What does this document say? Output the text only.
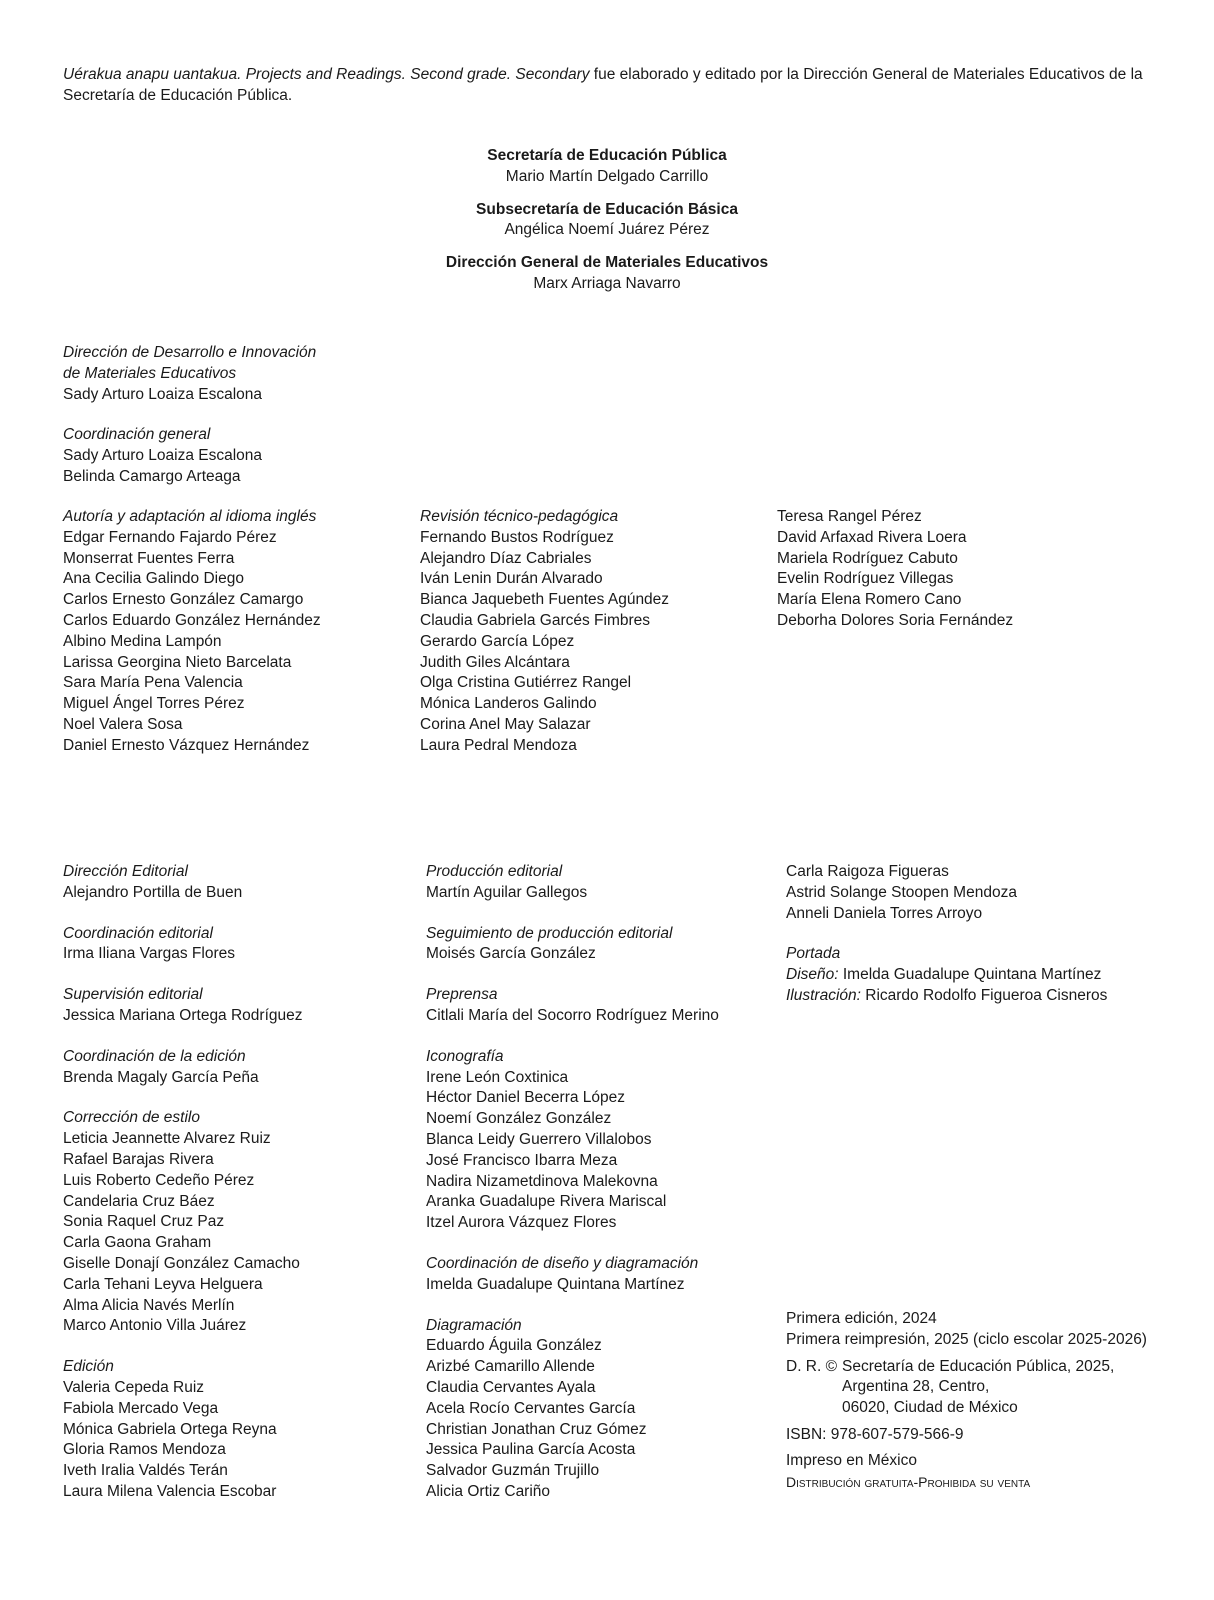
Uérakua anapu uantakua. Projects and Readings. Second grade. Secondary fue elaborado y editado por la Dirección General de Materiales Educativos de la Secretaría de Educación Pública.
Secretaría de Educación Pública
Mario Martín Delgado Carrillo
Subsecretaría de Educación Básica
Angélica Noemí Juárez Pérez
Dirección General de Materiales Educativos
Marx Arriaga Navarro
Dirección de Desarrollo e Innovación
de Materiales Educativos
Sady Arturo Loaiza Escalona
Coordinación general
Sady Arturo Loaiza Escalona
Belinda Camargo Arteaga
Autoría y adaptación al idioma inglés
Edgar Fernando Fajardo Pérez
Monserrat Fuentes Ferra
Ana Cecilia Galindo Diego
Carlos Ernesto González Camargo
Carlos Eduardo González Hernández
Albino Medina Lampón
Larissa Georgina Nieto Barcelata
Sara María Pena Valencia
Miguel Ángel Torres Pérez
Noel Valera Sosa
Daniel Ernesto Vázquez Hernández
Revisión técnico-pedagógica
Fernando Bustos Rodríguez
Alejandro Díaz Cabriales
Iván Lenin Durán Alvarado
Bianca Jaquebeth Fuentes Agúndez
Claudia Gabriela Garcés Fimbres
Gerardo García López
Judith Giles Alcántara
Olga Cristina Gutiérrez Rangel
Mónica Landeros Galindo
Corina Anel May Salazar
Laura Pedral Mendoza
Teresa Rangel Pérez
David Arfaxad Rivera Loera
Mariela Rodríguez Cabuto
Evelin Rodríguez Villegas
María Elena Romero Cano
Deborha Dolores Soria Fernández
Dirección Editorial
Alejandro Portilla de Buen
Coordinación editorial
Irma Iliana Vargas Flores
Supervisión editorial
Jessica Mariana Ortega Rodríguez
Coordinación de la edición
Brenda Magaly García Peña
Corrección de estilo
Leticia Jeannette Alvarez Ruiz
Rafael Barajas Rivera
Luis Roberto Cedeño Pérez
Candelaria Cruz Báez
Sonia Raquel Cruz Paz
Carla Gaona Graham
Giselle Donají González Camacho
Carla Tehani Leyva Helguera
Alma Alicia Navés Merlín
Marco Antonio Villa Juárez
Edición
Valeria Cepeda Ruiz
Fabiola Mercado Vega
Mónica Gabriela Ortega Reyna
Gloria Ramos Mendoza
Iveth Iralia Valdés Terán
Laura Milena Valencia Escobar
Producción editorial
Martín Aguilar Gallegos
Seguimiento de producción editorial
Moisés García González
Preprensa
Citlali María del Socorro Rodríguez Merino
Iconografía
Irene León Coxtinica
Héctor Daniel Becerra López
Noemí González González
Blanca Leidy Guerrero Villalobos
José Francisco Ibarra Meza
Nadira Nizametdinova Malekovna
Aranka Guadalupe Rivera Mariscal
Itzel Aurora Vázquez Flores
Coordinación de diseño y diagramación
Imelda Guadalupe Quintana Martínez
Diagramación
Eduardo Águila González
Arizbé Camarillo Allende
Claudia Cervantes Ayala
Acela Rocío Cervantes García
Christian Jonathan Cruz Gómez
Jessica Paulina García Acosta
Salvador Guzmán Trujillo
Alicia Ortiz Cariño
Carla Raigoza Figueras
Astrid Solange Stoopen Mendoza
Anneli Daniela Torres Arroyo
Portada
Diseño: Imelda Guadalupe Quintana Martínez
Ilustración: Ricardo Rodolfo Figueroa Cisneros
Primera edición, 2024
Primera reimpresión, 2025 (ciclo escolar 2025-2026)
D. R. © Secretaría de Educación Pública, 2025,
Argentina 28, Centro,
06020, Ciudad de México
ISBN: 978-607-579-566-9
Impreso en México
Distribución gratuita-Prohibida su venta
